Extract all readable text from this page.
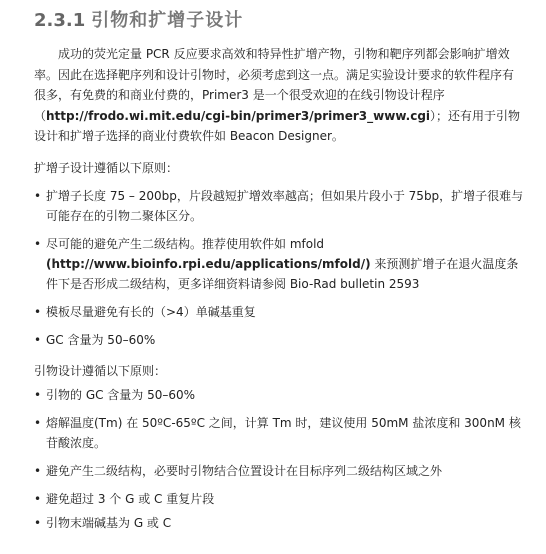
2.3.1 引物和扩增子设计

成功的荧光定量 PCR 反应要求高效和特异性扩增产物，引物和靶序列都会影响扩增效率。因此在选择靶序列和设计引物时，必须考虑到这一点。满足实验设计要求的软件程序有很多，有免费的和商业付费的，Primer3 是一个很受欢迎的在线引物设计程序（http://frodo.wi.mit.edu/cgi-bin/primer3/primer3_www.cgi）；还有用于引物设计和扩增子选择的商业付费软件如 Beacon Designer。

扩增子设计遵循以下原则：

• 扩增子长度 75 – 200bp，片段越短扩增效率越高；但如果片段小于 75bp，扩增子很难与可能存在的引物二聚体区分。
• 尽可能的避免产生二级结构。推荐使用软件如 mfold (http://www.bioinfo.rpi.edu/applications/mfold/) 来预测扩增子在退火温度条件下是否形成二级结构，更多详细资料请参阅 Bio-Rad bulletin 2593
• 模板尽量避免有长的（>4）单碱基重复
• GC 含量为 50–60%

引物设计遵循以下原则：

• 引物的 GC 含量为 50–60%
• 熔解温度(Tm) 在 50ºC-65ºC 之间，计算 Tm 时，建议使用 50mM 盐浓度和 300nM 核苷酸浓度。
• 避免产生二级结构，必要时引物结合位置设计在目标序列二级结构区域之外
• 避免超过 3 个 G 或 C 重复片段
• 引物末端碱基为 G 或 C
